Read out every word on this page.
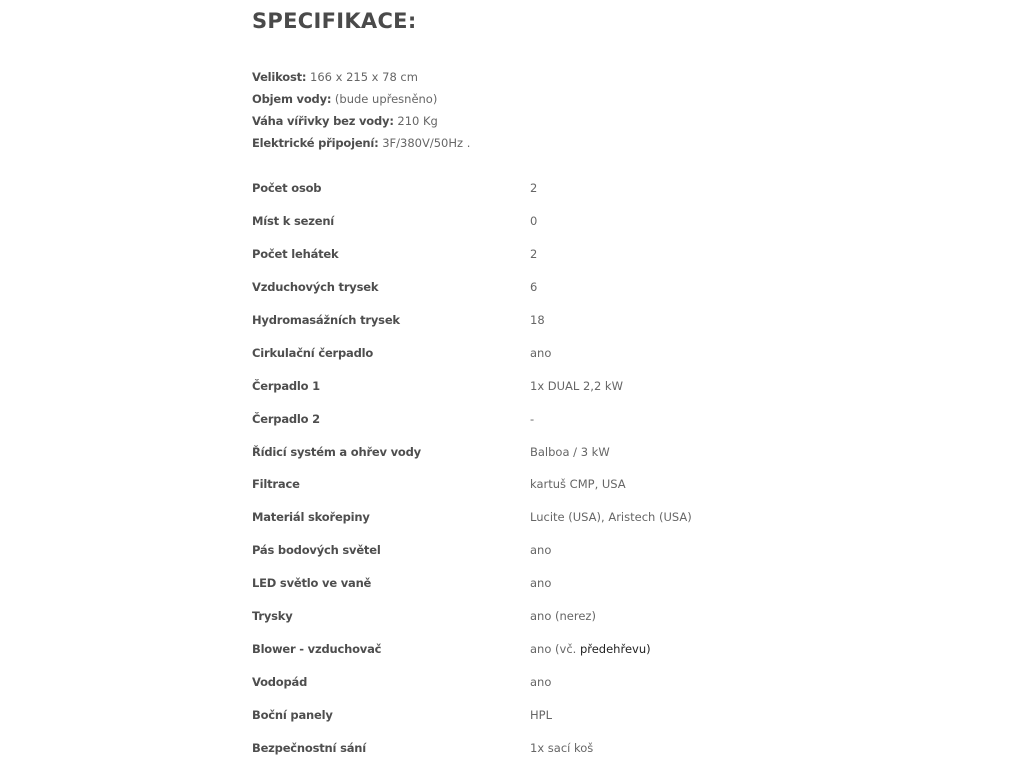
SPECIFIKACE:
Velikost: 166 x 215 x 78 cm
Objem vody: (bude upřesněno)
Váha vířivky bez vody: 210 Kg
Elektrické připojení: 3F/380V/50Hz .
Počet osob	2
Míst k sezení	0
Počet lehátek	2
Vzduchových trysek	6
Hydromasážních trysek	18
Cirkulační čerpadlo	ano
Čerpadlo 1	1x DUAL 2,2 kW
Čerpadlo 2	-
Řídicí systém a ohřev vody	Balboa / 3 kW
Filtrace	kartuš CMP, USA
Materiál skořepiny	Lucite (USA), Aristech (USA)
Pás bodových světel	ano
LED světlo ve vaně	ano
Trysky	ano (nerez)
Blower - vzduchovač	ano (vč. předehřevu)
Vodopád	ano
Boční panely	HPL
Bezpečnostní sání	1x sací koš
